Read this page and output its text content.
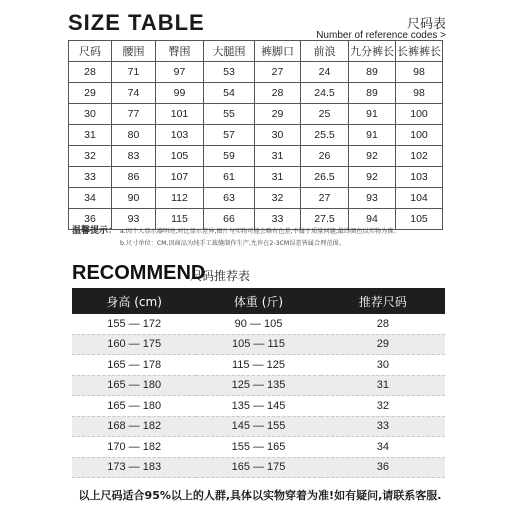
SIZE TABLE	尺码表
Number of reference codes >
尺码	腰围	臀围	大腿围	裤脚口	前浪	九分裤长	长裤裤长
28	71	97	53	27	24	89	98
29	74	99	54	28	24.5	89	98
30	77	101	55	29	25	91	100
31	80	103	57	30	25.5	91	100
32	83	105	59	31	26	92	102
33	86	107	61	31	26.5	92	103
34	90	112	63	32	27	93	104
36	93	115	66	33	27.5	94	105
温馨提示： a.因个人显示器明亮,对比显示差异,图片与实物可能会略有色差,不属于质量问题,最终颜色以实物为准。
b.尺寸单位：CM,因商品为纯手工裁缝制作生产,允许在2-3CM误差皆属合理范围。
RECOMMEND
尺码推荐表
身高 (cm)	体重 (斤)	推荐尺码
155 — 172	90 — 105	28
160 — 175	105 — 115	29
165 — 178	115 — 125	30
165 — 180	125 — 135	31
165 — 180	135 — 145	32
168 — 182	145 — 155	33
170 — 182	155 — 165	34
173 — 183	165 — 175	36
以上尺码适合95%以上的人群,具体以实物穿着为准!如有疑问,请联系客服.
